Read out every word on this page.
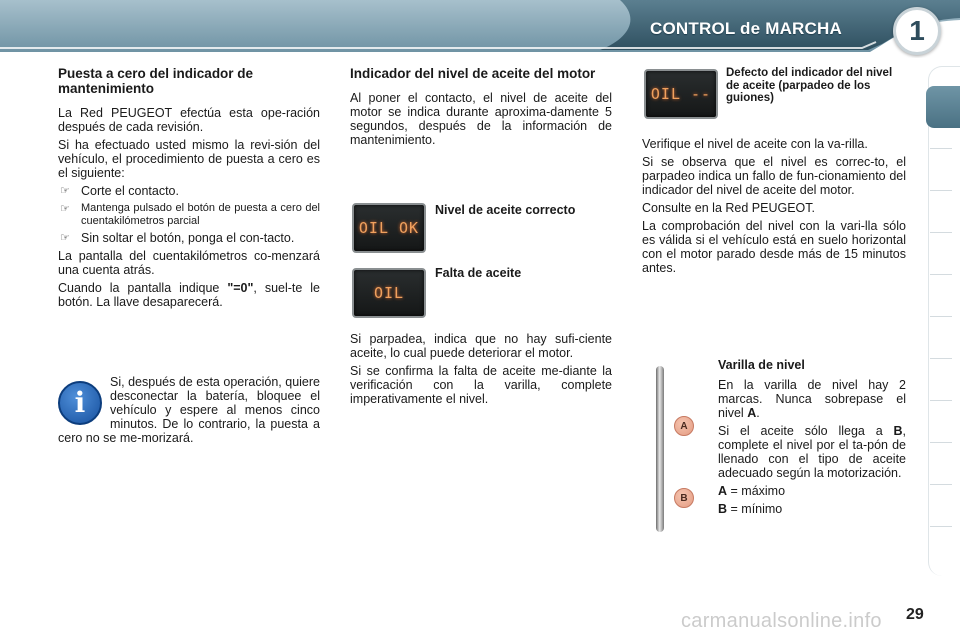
CONTROL de MARCHA	1
Puesta a cero del indicador de mantenimiento

La Red PEUGEOT efectúa esta ope-ración después de cada revisión.

Si ha efectuado usted mismo la revi-sión del vehículo, el procedimiento de puesta a cero es el siguiente:

☞ Corte el contacto.
☞	Mantenga pulsado el botón de puesta a cero del cuentakilómetros parcial
☞ Sin soltar el botón, ponga el con-tacto.

La pantalla del cuentakilómetros co-menzará una cuenta atrás.

Cuando la pantalla indique "=0", suel-te le botón. La llave desaparecerá.

i

Si, después de esta operación, quiere desconectar la batería, bloquee el vehículo y espere al menos cinco minutos. De lo contrario, la puesta a cero no se me-morizará.

Indicador del nivel de aceite del motor

Al poner el contacto, el nivel de aceite del motor se indica durante aproxima-damente 5 segundos, después de la información de mantenimiento.

OIL OK
Nivel de aceite correcto
OIL
Falta de aceite

Si parpadea, indica que no hay sufi-ciente aceite, lo cual puede deteriorar el motor.

Si se confirma la falta de aceite me-diante la verificación con la varilla, complete imperativamente el nivel.

OIL --
Defecto del indicador del nivel de aceite (parpadeo de los guiones)

Verifique el nivel de aceite con la va-rilla.

Si se observa que el nivel es correc-to, el parpadeo indica un fallo de fun-cionamiento del indicador del nivel de aceite del motor.

Consulte en la Red PEUGEOT.

La comprobación del nivel con la vari-lla sólo es válida si el vehículo está en suelo horizontal con el motor parado desde más de 15 minutos antes.

A
B

Varilla de nivel

En la varilla de nivel hay 2 marcas. Nunca sobrepase el nivel A.

Si el aceite sólo llega a B, complete el nivel por el ta-pón de llenado con el tipo de aceite adecuado según la motorización.

A = máximo

B = mínimo

carmanualsonline.info 29
